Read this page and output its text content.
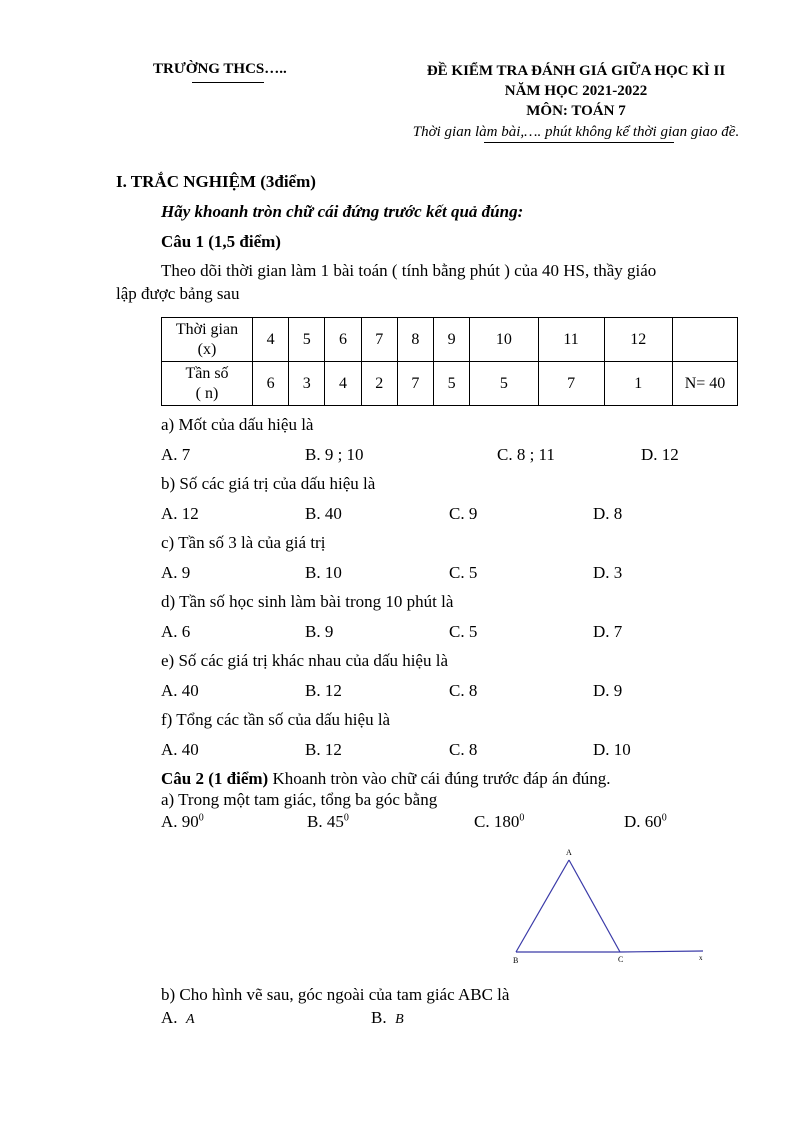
TRƯỜNG THCS…..	ĐỀ KIỂM TRA ĐÁNH GIÁ GIỮA HỌC KÌ II
NĂM HỌC 2021-2022
MÔN: TOÁN 7
Thời gian làm bài,…. phút không kể thời gian giao đề.
I. TRẮC NGHIỆM (3điểm)
Hãy khoanh tròn chữ cái đứng trước kết quả đúng:
Câu 1 (1,5 điểm)
Theo dõi thời gian làm 1 bài toán ( tính bằng phút ) của 40 HS, thầy giáo
lập được bảng sau
Thời gian
(x)	4	5	6	7	8	9	10	11	12	

Tần số
( n)	6	3	4	2	7	5	5	7	1	N= 40
a) Mốt của dấu hiệu là
A. 7	B. 9 ; 10	C. 8 ; 11	D. 12
b) Số các giá trị của dấu hiệu là
A. 12	B. 40	C. 9	D. 8
c) Tần số 3 là của giá trị
A. 9	B. 10	C. 5	D. 3
d) Tần số học sinh làm bài trong 10 phút là
A. 6	B. 9	C. 5	D. 7
e) Số các giá trị khác nhau của dấu hiệu là
A. 40	B. 12	C. 8	D. 9
f) Tổng các tần số của dấu hiệu là
A. 40	B. 12	C. 8	D. 10
Câu 2 (1 điểm) Khoanh tròn vào chữ cái đúng trước đáp án đúng.
a) Trong một tam giác, tổng ba góc bằng
A. $90^0$	B. $45^0$	C. $180^0$	D. $60^0$
A
B	C	x
b) Cho hình vẽ sau, góc ngoài của tam giác ABC là
A. A	B. B
